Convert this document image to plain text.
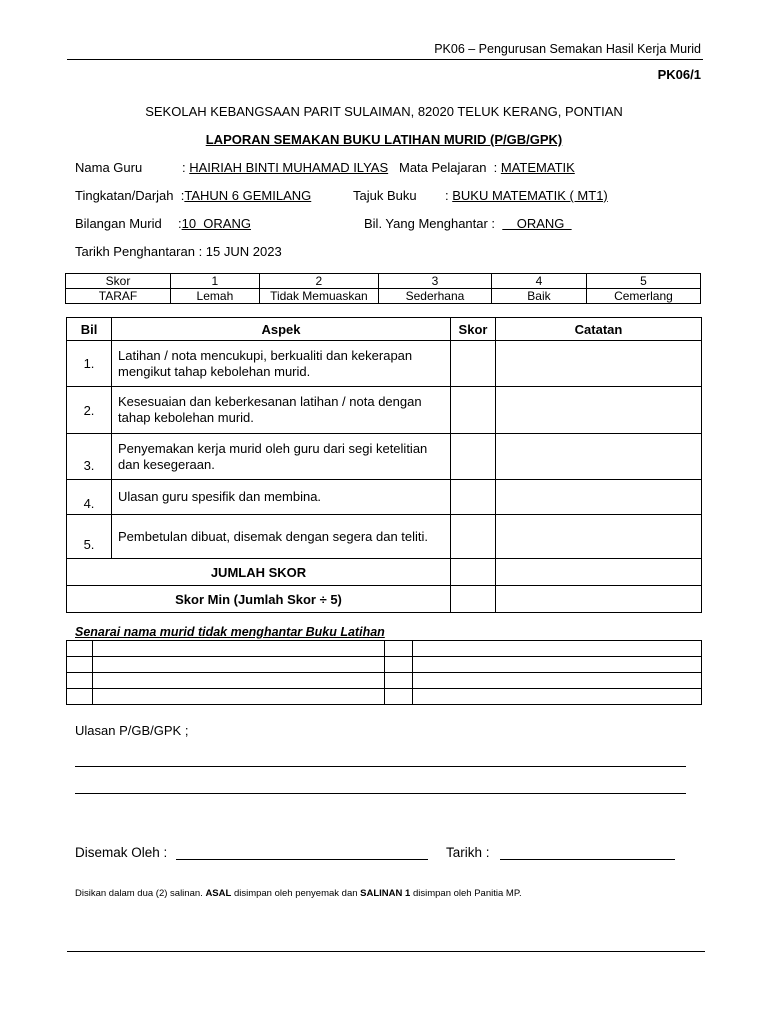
PK06 – Pengurusan Semakan Hasil Kerja Murid
PK06/1
SEKOLAH KEBANGSAAN PARIT SULAIMAN, 82020 TELUK KERANG, PONTIAN
LAPORAN SEMAKAN BUKU LATIHAN MURID (P/GB/GPK)
Nama Guru	: HAIRIAH BINTI MUHAMAD ILYAS Mata Pelajaran  : MATEMATIK
Tingkatan/Darjah  :TAHUN 6 GEMILANG	Tajuk Buku : BUKU MATEMATIK ( MT1)
Bilangan Murid :10  ORANG	Bil. Yang Menghantar :      ORANG
Tarikh Penghantaran : 15 JUN 2023
Skor	1	2	3	4	5
TARAF	Lemah	Tidak Memuaskan	Sederhana	Baik	Cemerlang
Bil	Aspek	Skor	Catatan
1.	Latihan / nota mencukupi, berkualiti dan kekerapan mengikut tahap kebolehan murid.		
2.	Kesesuaian dan keberkesanan latihan / nota dengan tahap kebolehan murid.		
3.	Penyemakan kerja murid oleh guru dari segi ketelitian dan kesegeraan.		
4.	Ulasan guru spesifik dan membina.		
5.	Pembetulan dibuat, disemak dengan segera dan teliti.		
JUMLAH SKOR			
Skor Min (Jumlah Skor ÷ 5)			
Senarai nama murid tidak menghantar Buku Latihan

Ulasan P/GB/GPK ;
Disemak Oleh :	Tarikh :
Disikan dalam dua (2) salinan. ASAL disimpan oleh penyemak dan SALINAN 1 disimpan oleh Panitia MP.
